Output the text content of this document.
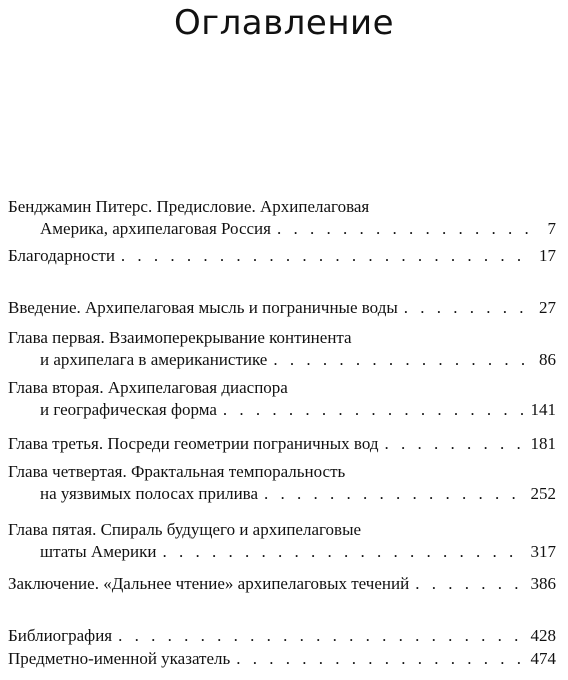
Оглавление
Бенджамин Питерс. Предисловие. Архипелаговая
Америка, архипелаговая Россия . . .	7
Благодарности . . .	17
Введение. Архипелаговая мысль и пограничные воды . . .	27
Глава первая. Взаимоперекрывание континента
и архипелага в американистике . . .	86
Глава вторая. Архипелаговая диаспора
и географическая форма . . .	141
Глава третья. Посреди геометрии пограничных вод . . .	181
Глава четвертая. Фрактальная темпоральность
на уязвимых полосах прилива . . .	252
Глава пятая. Спираль будущего и архипелаговые
штаты Америки . . .	317
Заключение. «Дальнее чтение» архипелаговых течений . . .	386
Библиография . . .	428
Предметно-именной указатель . . .	474
